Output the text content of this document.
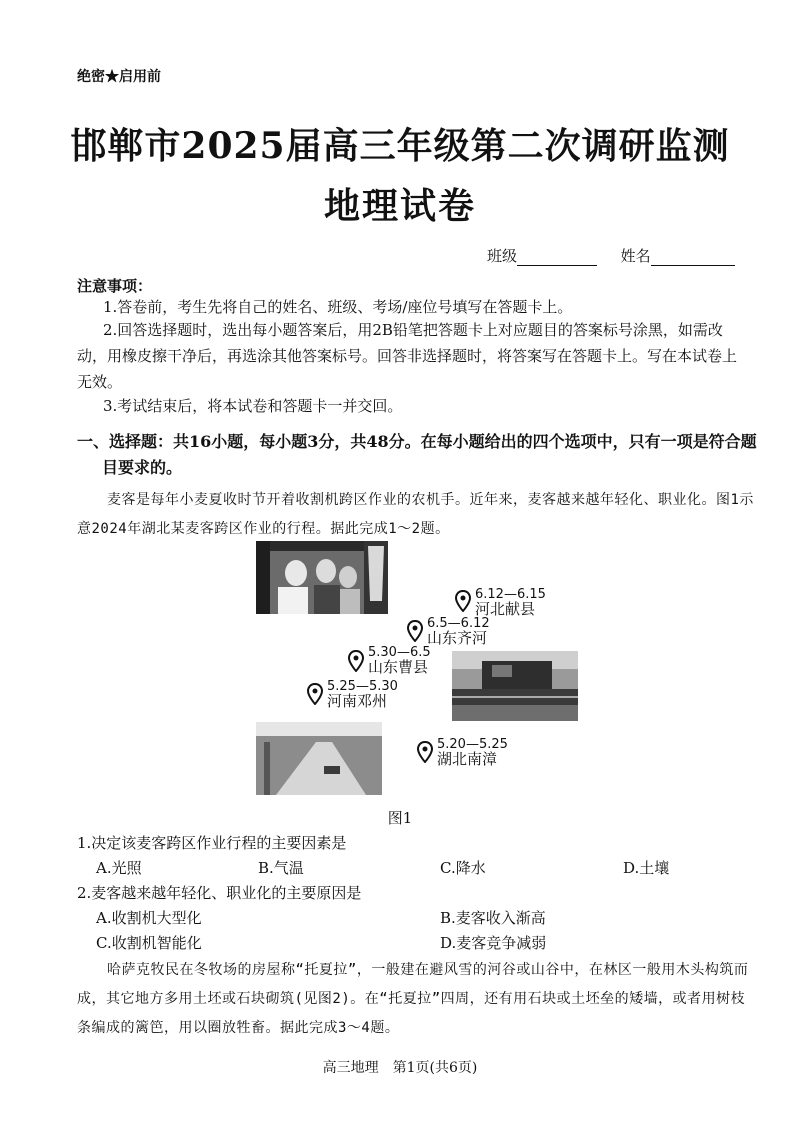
绝密★启用前
邯郸市2025届高三年级第二次调研监测
地理试卷
班级	姓名
注意事项：
1.答卷前，考生先将自己的姓名、班级、考场/座位号填写在答题卡上。
2.回答选择题时，选出每小题答案后，用2B铅笔把答题卡上对应题目的答案标号涂黑，如需改动，用橡皮擦干净后，再选涂其他答案标号。回答非选择题时，将答案写在答题卡上。写在本试卷上无效。
3.考试结束后，将本试卷和答题卡一并交回。
一、选择题：共16小题，每小题3分，共48分。在每小题给出的四个选项中，只有一项是符合题
目要求的。
麦客是每年小麦夏收时节开着收割机跨区作业的农机手。近年来，麦客越来越年轻化、职业化。图1示意2024年湖北某麦客跨区作业的行程。据此完成1～2题。
6.12—6.15
河北献县
6.5—6.12
山东齐河
5.30—6.5
山东曹县
5.25—5.30
河南邓州
5.20—5.25
湖北南漳
图1
1.决定该麦客跨区作业行程的主要因素是
A.光照	B.气温	C.降水	D.土壤
2.麦客越来越年轻化、职业化的主要原因是
A.收割机大型化	B.麦客收入渐高
C.收割机智能化	D.麦客竞争减弱
哈萨克牧民在冬牧场的房屋称“托夏拉”，一般建在避风雪的河谷或山谷中，在林区一般用木头构筑而成，其它地方多用土坯或石块砌筑(见图2)。在“托夏拉”四周，还有用石块或土坯垒的矮墙，或者用树枝条编成的篱笆，用以圈放牲畜。据此完成3～4题。
高三地理　第1页(共6页)
